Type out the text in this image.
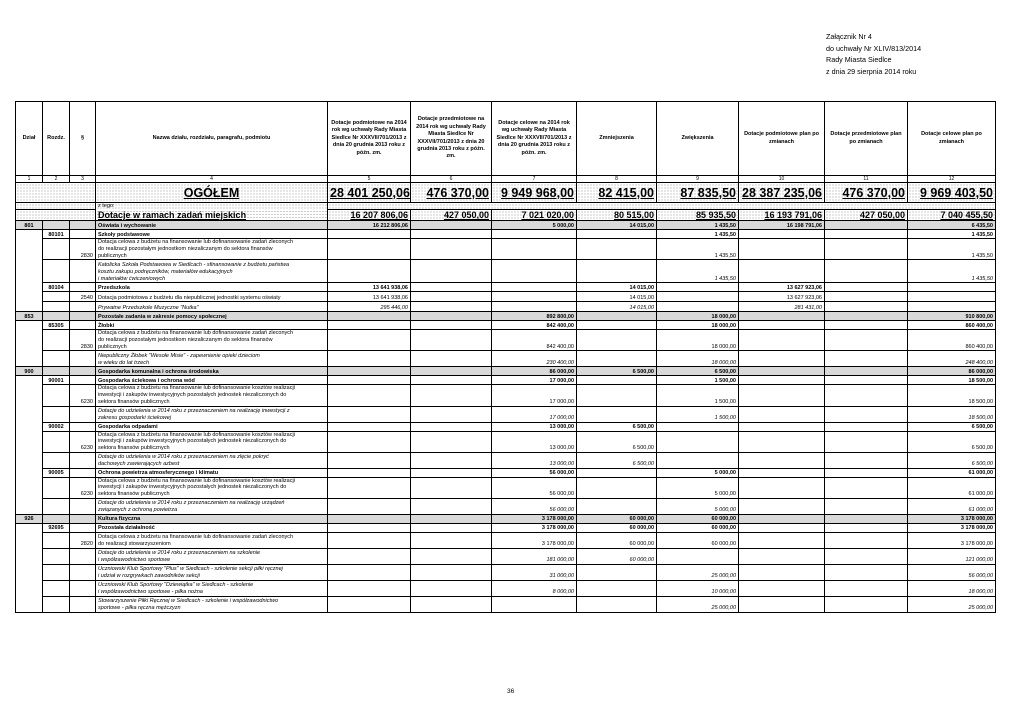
Załącznik Nr 4
do uchwały Nr XLIV/813/2014
Rady Miasta Siedlce
z dnia 29 sierpnia 2014 roku
Dział	Rozdz.	§	Nazwa działu, rozdziału, paragrafu, podmiotu	Dotacje podmiotowe na 2014 rok wg uchwały Rady Miasta Siedlce Nr XXXVII/701/2013 z dnia 20 grudnia 2013 roku z późn. zm.	Dotacje przedmiotowe na 2014 rok wg uchwały Rady Miasta Siedlce Nr XXXVII/701/2013 z dnia 20 grudnia 2013 roku z późn. zm.	Dotacje celowe na 2014 rok wg uchwały Rady Miasta Siedlce Nr XXXVII/701/2013 z dnia 20 grudnia 2013 roku z późn. zm.	Zmniejszenia	Zwiększenia	Dotacje podmiotowe plan po zmianach	Dotacje przedmiotowe plan po zmianach	Dotacje celowe plan po zmianach
1	2	3	4	5	6	7	8	9	10	11	12
			OGÓŁEM	28 401 250,06	476 370,00	9 949 968,00	82 415,00	87 835,50	28 387 235,06	476 370,00	9 969 403,50
			z tego:								
			Dotacje w ramach zadań miejskich	16 207 806,06	427 050,00	7 021 020,00	80 515,00	85 935,50	16 193 791,06	427 050,00	7 040 455,50
801			Oświata i wychowanie	16 212 806,06		5 000,00	14 015,00	1 435,50	16 198 791,06		6 435,50
	80101		Szkoły podstawowe					1 435,50			1 435,50
		2830	Dotacja celowa z budżetu na finansowanie lub dofinansowanie zadań zleconych
do realizacji pozostałym jednostkom niezaliczanym do sektora finansów
publicznych					1 435,50			1 435,50

			Katolicka Szkoła Podstawowa w Siedlcach - sfinansowanie z budżetu państwa
kosztu zakupu podręczników, materiałów edukacyjnych
i materiałów ćwiczeniowych					1 435,50			1 435,50
	80104		Przedszkola	13 641 938,06			14 015,00		13 627 923,06		
		2540	Dotacja podmiotowa z budżetu dla niepublicznej jednostki systemu oświaty	13 641 938,06			14 015,00		13 627 923,06		
			Prywatne Przedszkole Muzyczne "Nutka"	295 446,00			14 015,00		281 431,00		
853			Pozostałe zadania w zakresie pomocy społecznej			892 800,00		18 000,00			910 800,00
	85305		Żłobki			842 400,00		18 000,00			860 400,00
		2830	Dotacja celowa z budżetu na finansowanie lub dofinansowanie zadań zleconych
do realizacji pozostałym jednostkom niezaliczanym do sektora finansów
publicznych			842 400,00		18 000,00			860 400,00

			Niepubliczny Żłobek "Wesołe Misie" - zapewnienie opieki dzieciom
w wieku do lat trzech			230 400,00		18 000,00			248 400,00
900			Gospodarka komunalna i ochrona środowiska			86 000,00	6 500,00	6 500,00			86 000,00
	90001		Gospodarka ściekowa i ochrona wód			17 000,00		1 500,00			18 500,00
		6230	Dotacja celowa z budżetu na finansowanie lub dofinansowanie kosztów realizacji
inwestycji i zakupów inwestycyjnych pozostałych jednostek niezaliczonych do
sektora finansów publicznych			17 000,00		1 500,00			18 500,00

			Dotacje do udzielenia w 2014 roku z przeznaczeniem na realizację inwestycji z
zakresu gospodarki ściekowej			17 000,00		1 500,00			18 500,00
	90002		Gospodarka odpadami			13 000,00	6 500,00				6 500,00
		6230	Dotacja celowa z budżetu na finansowanie lub dofinansowanie kosztów realizacji
inwestycji i zakupów inwestycyjnych pozostałych jednostek niezaliczonych do
sektora finansów publicznych			13 000,00	6 500,00				6 500,00

			Dotacje do udzielenia w 2014 roku z przeznaczeniem na zlęcie pokryć
dachowych zawierających azbest			13 000,00	6 500,00				6 500,00
	90005		Ochrona powietrza atmosferycznego i klimatu			56 000,00		5 000,00			61 000,00
		6230	Dotacja celowa z budżetu na finansowanie lub dofinansowanie kosztów realizacji
inwestycji i zakupów inwestycyjnych pozostałych jednostek niezaliczonych do
sektora finansów publicznych			56 000,00		5 000,00			61 000,00

			Dotacje do udzielenia w 2014 roku z przeznaczeniem na realizację urządzeń
związanych z ochroną powietrza			56 000,00		5 000,00			61 000,00
926			Kultura fizyczna			3 178 000,00	60 000,00	60 000,00			3 178 000,00
	92695		Pozostała działalność			3 178 000,00	60 000,00	60 000,00			3 178 000,00
		2820	Dotacja celowa z budżetu na finansowanie lub dofinansowanie zadań zleconych
do realizacji stowarzyszeniom			3 178 000,00	60 000,00	60 000,00			3 178 000,00

			Dotacje do udzielenia w 2014 roku z przeznaczeniem na szkolenie
i współzawodnictwo sportowe			181 000,00	60 000,00				121 000,00

			Uczniowski Klub Sportowy "Plus" w Siedlcach - szkolenie sekcji piłki ręcznej
i udział w rozgrywkach zawodników sekcji			31 000,00		25 000,00			56 000,00

			Uczniowski Klub Sportowy "Dziewiątka" w Siedlcach - szkolenie
i współzawodnictwo sportowe - piłka nożna			8 000,00		10 000,00			18 000,00

			Stowarzyszenie Piłki Ręcznej w Siedlcach - szkolenie i współzawodnictwo
sportowe - piłka ręczna mężczyzn					25 000,00			25 000,00
36
